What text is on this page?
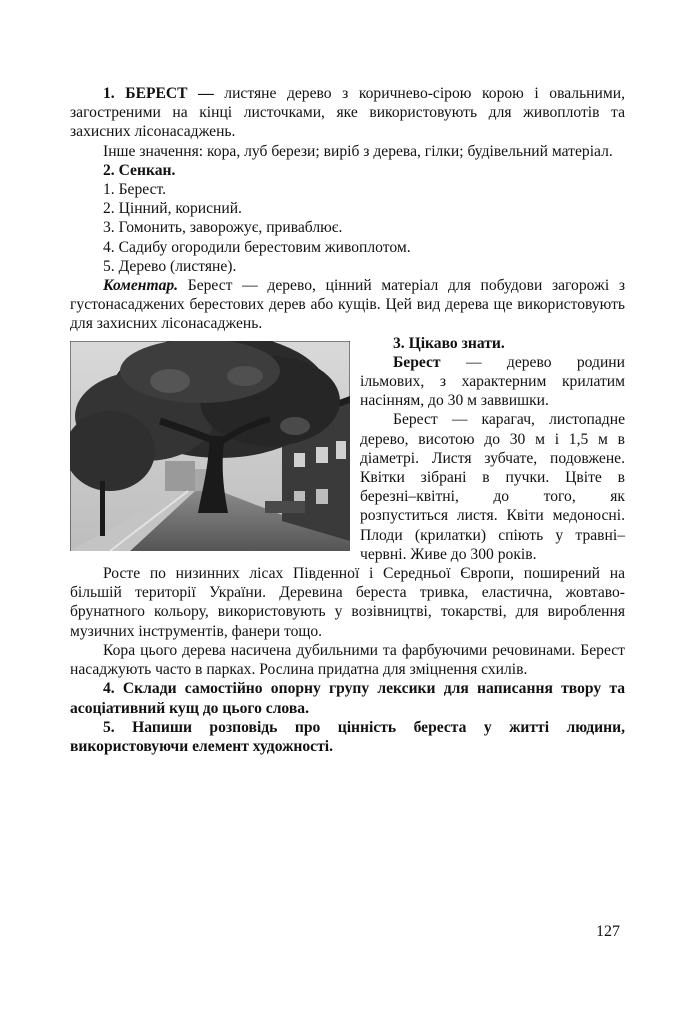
1. БЕРЕСТ — листяне дерево з коричнево-сірою корою і овальними, загостреними на кінці листочками, яке використовують для живоплотів та захисних лісонасаджень.

Інше значення: кора, луб берези; виріб з дерева, гілки; будівельний матеріал.

2. Сенкан.

1. Берест.

2. Цінний, корисний.

3. Гомонить, заворожує, приваблює.

4. Садибу огородили берестовим живоплотом.

5. Дерево (листяне).

Коментар. Берест — дерево, цінний матеріал для побудови загорожі з густонасаджених берестових дерев або кущів. Цей вид дерева ще використовують для захисних лісонасаджень.

3. Цікаво знати.

Берест — дерево родини ільмових, з характерним крилатим насінням, до 30 м заввишки.

Берест — карагач, листопадне дерево, висотою до 30 м і 1,5 м в діаметрі. Листя зубчате, подовжене. Квітки зібрані в пучки. Цвіте в березні–квітні, до того, як розпуститься листя. Квіти медоносні. Плоди (крилатки) спіють у травні–червні. Живе до 300 років.

Росте по низинних лісах Південної і Середньої Європи, поширений на більшій території України. Деревина береста тривка, еластична, жовтаво-брунатного кольору, використовують у возівництві, токарстві, для вироблення музичних інструментів, фанери тощо.

Кора цього дерева насичена дубильними та фарбуючими речовинами. Берест насаджують часто в парках. Рослина придатна для зміцнення схилів.

4. Склади самостійно опорну групу лексики для написання твору та асоціативний кущ до цього слова.

5. Напиши розповідь про цінність береста у житті людини, використовуючи елемент художності.

127
